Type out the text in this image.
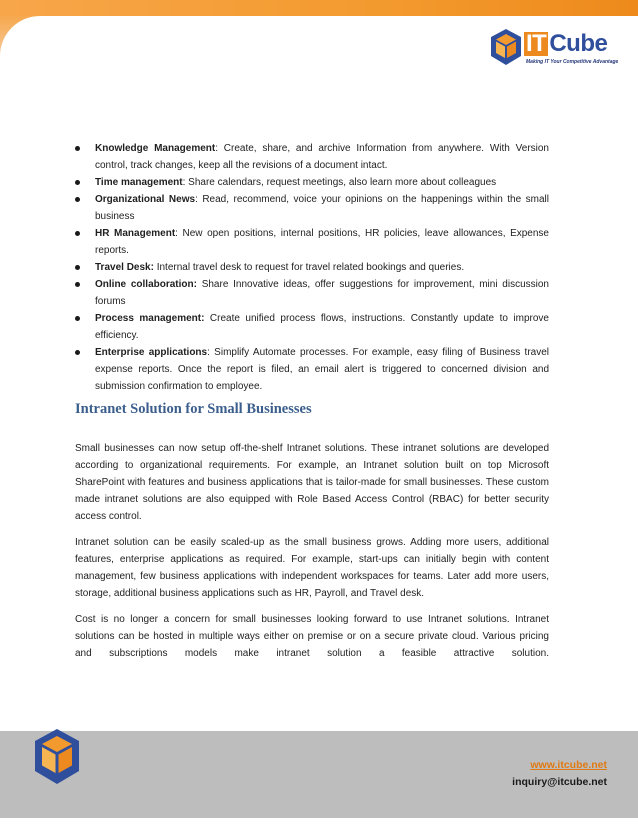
IT Cube
Making IT Your Competitive Advantage
Knowledge Management: Create, share, and archive Information from anywhere. With Version control, track changes, keep all the revisions of a document intact.
Time management: Share calendars, request meetings, also learn more about colleagues
Organizational News: Read, recommend, voice your opinions on the happenings within the small business
HR Management: New open positions, internal positions, HR policies, leave allowances, Expense reports.
Travel Desk: Internal travel desk to request for travel related bookings and queries.
Online collaboration: Share Innovative ideas, offer suggestions for improvement, mini discussion forums
Process management: Create unified process flows, instructions. Constantly update to improve efficiency.
Enterprise applications: Simplify Automate processes. For example, easy filing of Business travel expense reports. Once the report is filed, an email alert is triggered to concerned division and submission confirmation to employee.
Intranet Solution for Small Businesses

Small businesses can now setup off-the-shelf Intranet solutions. These intranet solutions are developed according to organizational requirements. For example, an Intranet solution built on top Microsoft SharePoint with features and business applications that is tailor-made for small businesses. These custom made intranet solutions are also equipped with Role Based Access Control (RBAC) for better security access control.

Intranet solution can be easily scaled-up as the small business grows. Adding more users, additional features, enterprise applications as required. For example, start-ups can initially begin with content management, few business applications with independent workspaces for teams. Later add more users, storage, additional business applications such as HR, Payroll, and Travel desk.

Cost is no longer a concern for small businesses looking forward to use Intranet solutions. Intranet solutions can be hosted in multiple ways either on premise or on a secure private cloud. Various pricing and subscriptions models make intranet solution a feasible attractive solution.

www.itcube.net
inquiry@itcube.net
